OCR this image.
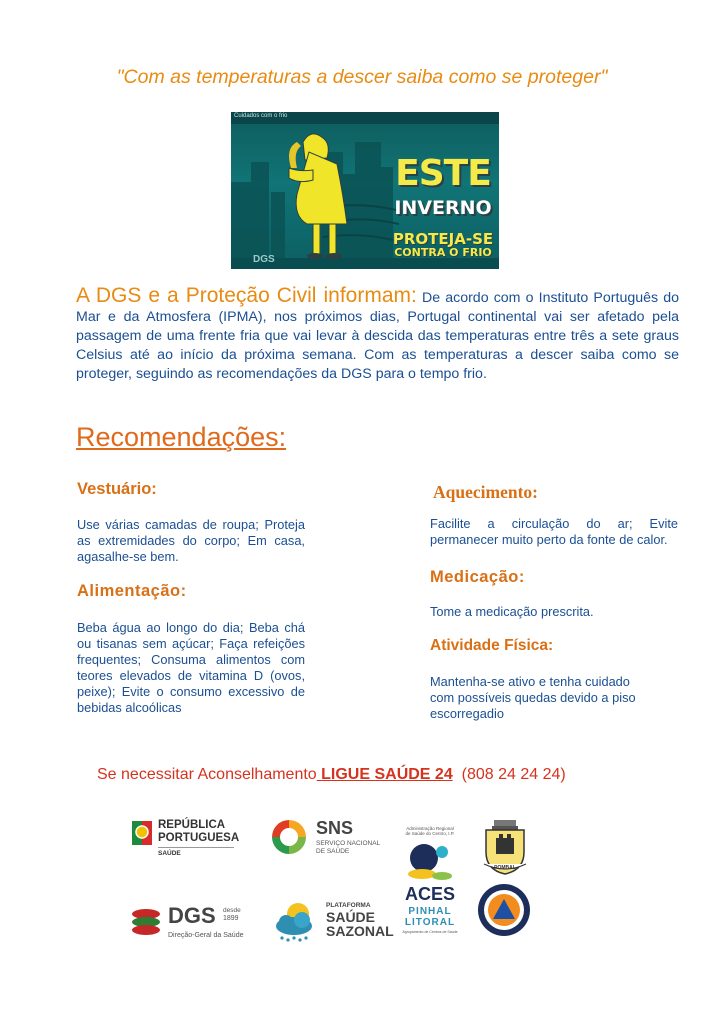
"Com as temperaturas a descer saiba como se proteger"
Cuidados com o frio
ESTE
INVERNO
PROTEJA-SE
CONTRA O FRIO
DGS
A DGS e a Proteção Civil informam: De acordo com o Instituto Português do Mar e da Atmosfera (IPMA), nos próximos dias, Portugal continental vai ser afetado pela passagem de uma frente fria que vai levar à descida das temperaturas entre três a sete graus Celsius até ao início da próxima semana. Com as temperaturas a descer saiba como se proteger, seguindo as recomendações da DGS para o tempo frio.
Recomendações:
Vestuário:
Use várias camadas de roupa; Proteja as extremidades do corpo; Em casa, agasalhe-se bem.
Alimentação:
Beba água ao longo do dia; Beba chá ou tisanas sem açúcar; Faça refeições frequentes; Consuma alimentos com teores elevados de vitamina D (ovos, peixe); Evite o consumo excessivo de bebidas alcoólicas
Aquecimento:
Facilite a circulação do ar; Evite permanecer muito perto da fonte de calor.
Medicação:
Tome a medicação prescrita.
Atividade Física:
Mantenha-se ativo e tenha cuidado com possíveis quedas devido a piso escorregadio
Se necessitar Aconselhamento LIGUE SAÚDE 24 (808 24 24 24)
REPÚBLICA
PORTUGUESA
SAÚDE
SNS
SERVIÇO NACIONAL
DE SAÚDE
Administração Regional
de Saúde do Centro, I.P.
ACES
PINHAL
LITORAL
Agrupamento de Centros de Saúde
POMBAL
DGS desde
1899
Direção-Geral da Saúde
PLATAFORMA
SAÚDE
SAZONAL
